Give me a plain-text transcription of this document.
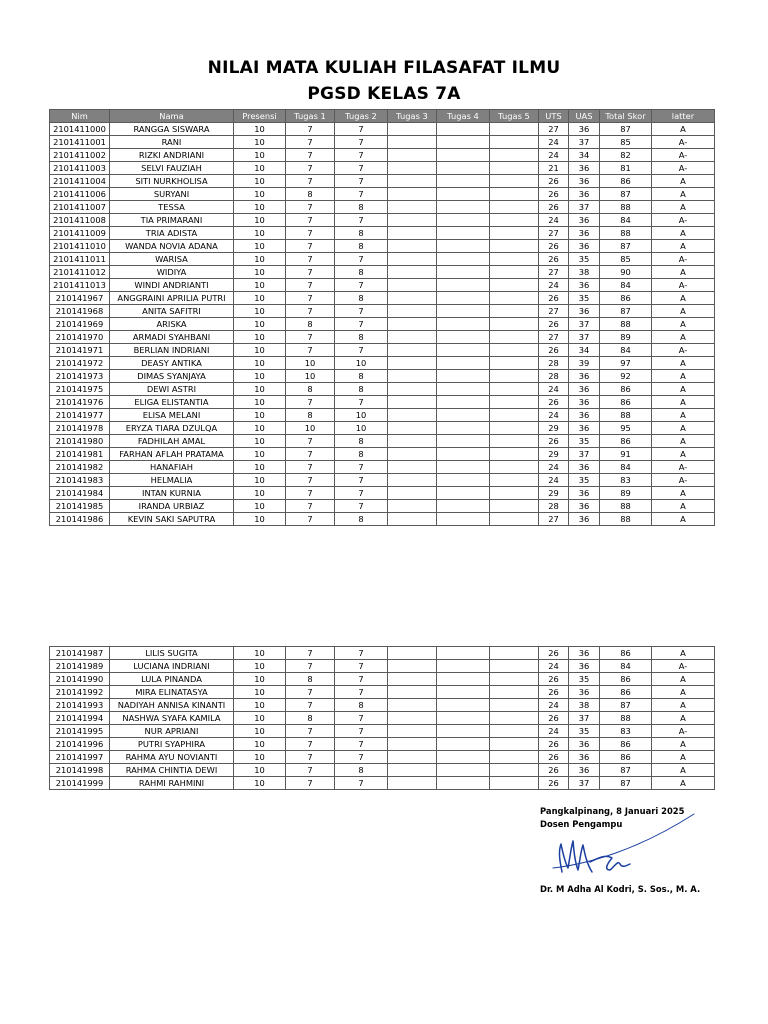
NILAI MATA KULIAH FILASAFAT ILMU
PGSD KELAS 7A
Nim	Nama	Presensi	Tugas 1	Tugas 2	Tugas 3	Tugas 4	Tugas 5	UTS	UAS	Total Skor	latter
2101411000	RANGGA SISWARA	10	7	7				27	36	87	A
2101411001	RANI	10	7	7				24	37	85	A-
2101411002	RIZKI ANDRIANI	10	7	7				24	34	82	A-
2101411003	SELVI FAUZIAH	10	7	7				21	36	81	A-
2101411004	SITI NURKHOLISA	10	7	7				26	36	86	A
2101411006	SURYANI	10	8	7				26	36	87	A
2101411007	TESSA	10	7	8				26	37	88	A
2101411008	TIA PRIMARANI	10	7	7				24	36	84	A-
2101411009	TRIA ADISTA	10	7	8				27	36	88	A
2101411010	WANDA NOVIA ADANA	10	7	8				26	36	87	A
2101411011	WARISA	10	7	7				26	35	85	A-
2101411012	WIDIYA	10	7	8				27	38	90	A
2101411013	WINDI ANDRIANTI	10	7	7				24	36	84	A-
210141967	ANGGRAINI APRILIA PUTRI	10	7	8				26	35	86	A
210141968	ANITA SAFITRI	10	7	7				27	36	87	A
210141969	ARISKA	10	8	7				26	37	88	A
210141970	ARMADI SYAHBANI	10	7	8				27	37	89	A
210141971	BERLIAN INDRIANI	10	7	7				26	34	84	A-
210141972	DEASY ANTIKA	10	10	10				28	39	97	A
210141973	DIMAS SYANJAYA	10	10	8				28	36	92	A
210141975	DEWI ASTRI	10	8	8				24	36	86	A
210141976	ELIGA ELISTANTIA	10	7	7				26	36	86	A
210141977	ELISA MELANI	10	8	10				24	36	88	A
210141978	ERYZA TIARA DZULQA	10	10	10				29	36	95	A
210141980	FADHILAH AMAL	10	7	8				26	35	86	A
210141981	FARHAN AFLAH PRATAMA	10	7	8				29	37	91	A
210141982	HANAFIAH	10	7	7				24	36	84	A-
210141983	HELMALIA	10	7	7				24	35	83	A-
210141984	INTAN KURNIA	10	7	7				29	36	89	A
210141985	IRANDA URBIAZ	10	7	7				28	36	88	A
210141986	KEVIN SAKI SAPUTRA	10	7	8				27	36	88	A
210141987	LILIS SUGITA	10	7	7				26	36	86	A
210141989	LUCIANA INDRIANI	10	7	7				24	36	84	A-
210141990	LULA PINANDA	10	8	7				26	35	86	A
210141992	MIRA ELINATASYA	10	7	7				26	36	86	A
210141993	NADIYAH ANNISA KINANTI	10	7	8				24	38	87	A
210141994	NASHWA SYAFA KAMILA	10	8	7				26	37	88	A
210141995	NUR APRIANI	10	7	7				24	35	83	A-
210141996	PUTRI SYAPHIRA	10	7	7				26	36	86	A
210141997	RAHMA AYU NOVIANTI	10	7	7				26	36	86	A
210141998	RAHMA CHINTIA DEWI	10	7	8				26	36	87	A
210141999	RAHMI RAHMINI	10	7	7				26	37	87	A
Pangkalpinang, 8 Januari 2025
Dosen Pengampu
Dr. M Adha Al Kodri, S. Sos., M. A.
